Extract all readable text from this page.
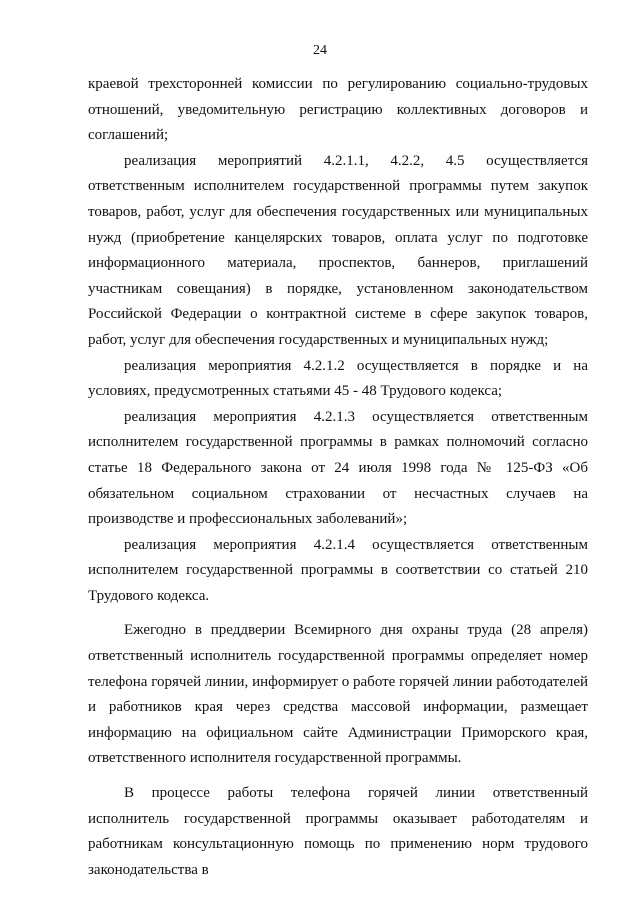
24

краевой трехсторонней комиссии по регулированию социально-трудовых отношений, уведомительную регистрацию коллективных договоров и соглашений;

реализация мероприятий 4.2.1.1, 4.2.2, 4.5 осуществляется ответственным исполнителем государственной программы путем закупок товаров, работ, услуг для обеспечения государственных или муниципальных нужд (приобретение канцелярских товаров, оплата услуг по подготовке информационного материала, проспектов, баннеров, приглашений участникам совещания) в порядке, установленном законодательством Российской Федерации о контрактной системе в сфере закупок товаров, работ, услуг для обеспечения государственных и муниципальных нужд;

реализация мероприятия 4.2.1.2 осуществляется в порядке и на условиях, предусмотренных статьями 45 - 48 Трудового кодекса;

реализация мероприятия 4.2.1.3 осуществляется ответственным исполнителем государственной программы в рамках полномочий согласно статье 18 Федерального закона от 24 июля 1998 года № 125-ФЗ «Об обязательном социальном страховании от несчастных случаев на производстве и профессиональных заболеваний»;

реализация мероприятия 4.2.1.4 осуществляется ответственным исполнителем государственной программы в соответствии со статьей 210 Трудового кодекса.

Ежегодно в преддверии Всемирного дня охраны труда (28 апреля) ответственный исполнитель государственной программы определяет номер телефона горячей линии, информирует о работе горячей линии работодателей и работников края через средства массовой информации, размещает информацию на официальном сайте Администрации Приморского края, ответственного исполнителя государственной программы.

В процессе работы телефона горячей линии ответственный исполнитель государственной программы оказывает работодателям и работникам консультационную помощь по применению норм трудового законодательства в
